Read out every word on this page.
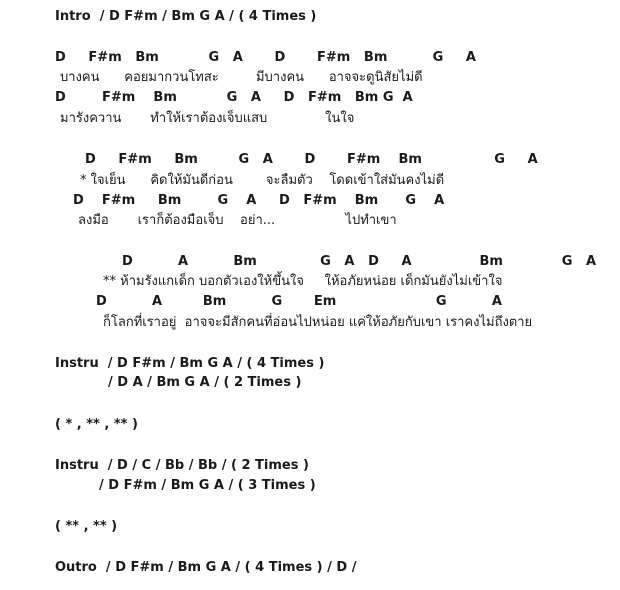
Intro  / D F#m / Bm G A / ( 4 Times )
D     F#m   Bm           G   A       D       F#m   Bm          G     A
บางคน      คอยมากวนโทสะ         มีบางคน      อาจจะดูนิสัยไม่ดี
D        F#m    Bm           G   A     D   F#m   Bm G  A
มารังควาน       ทำให้เราต้องเจ็บแสบ              ในใจ
D     F#m     Bm         G   A       D       F#m    Bm                G     A
* ใจเย็น      คิดให้มันดีก่อน        จะลืมตัว    โดดเข้าใส่มันคงไม่ดี
D    F#m     Bm        G    A     D   F#m    Bm      G    A
ลงมือ       เราก็ต้องมือเจ็บ    อย่า...                 ไปทำเขา
D          A          Bm              G   A   D     A               Bm             G   A
** ห้ามรังแกเด็ก บอกตัวเองให้ขึ้นใจ     ให้อภัยหน่อย เด็กมันยังไม่เข้าใจ
D          A         Bm          G       Em                      G          A
ก็โลกที่เราอยู่  อาจจะมีสักคนที่อ่อนไปหน่อย แค่ให้อภัยกับเขา เราคงไม่ถึงตาย
Instru  / D F#m / Bm G A / ( 4 Times )
/ D A / Bm G A / ( 2 Times )
( * , ** , ** )
Instru  / D / C / Bb / Bb / ( 2 Times )
/ D F#m / Bm G A / ( 3 Times )
( ** , ** )
Outro  / D F#m / Bm G A / ( 4 Times ) / D /
